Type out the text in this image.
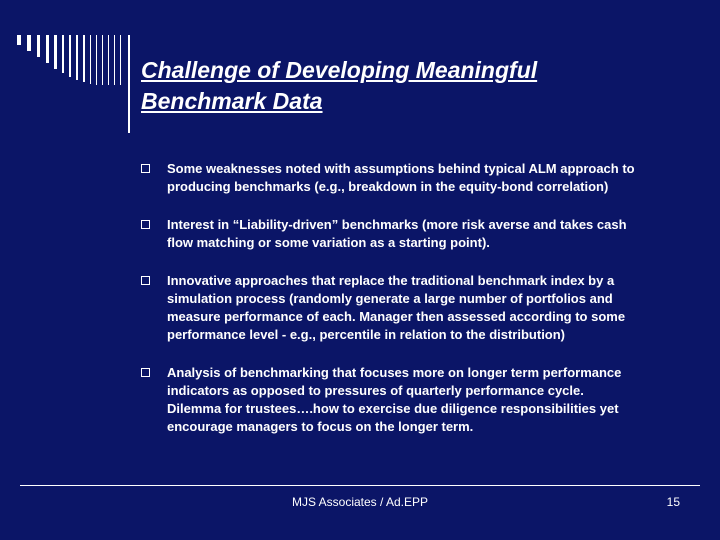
Challenge of Developing Meaningful
Benchmark Data
Some weaknesses noted with assumptions behind typical ALM approach to
producing benchmarks (e.g., breakdown in the equity-bond correlation)
Interest in “Liability-driven” benchmarks (more risk averse and takes cash
flow matching or some variation as a starting point).
Innovative approaches that replace the traditional benchmark index by a
simulation process (randomly generate a large number of portfolios and
measure performance of each. Manager then assessed according to some
performance level - e.g., percentile in relation to the distribution)
Analysis of benchmarking that focuses more on longer term performance
indicators as opposed to pressures of quarterly performance cycle.
Dilemma for trustees….how to exercise due diligence responsibilities yet
encourage managers to focus on the longer term.
MJS Associates / Ad.EPP	15
